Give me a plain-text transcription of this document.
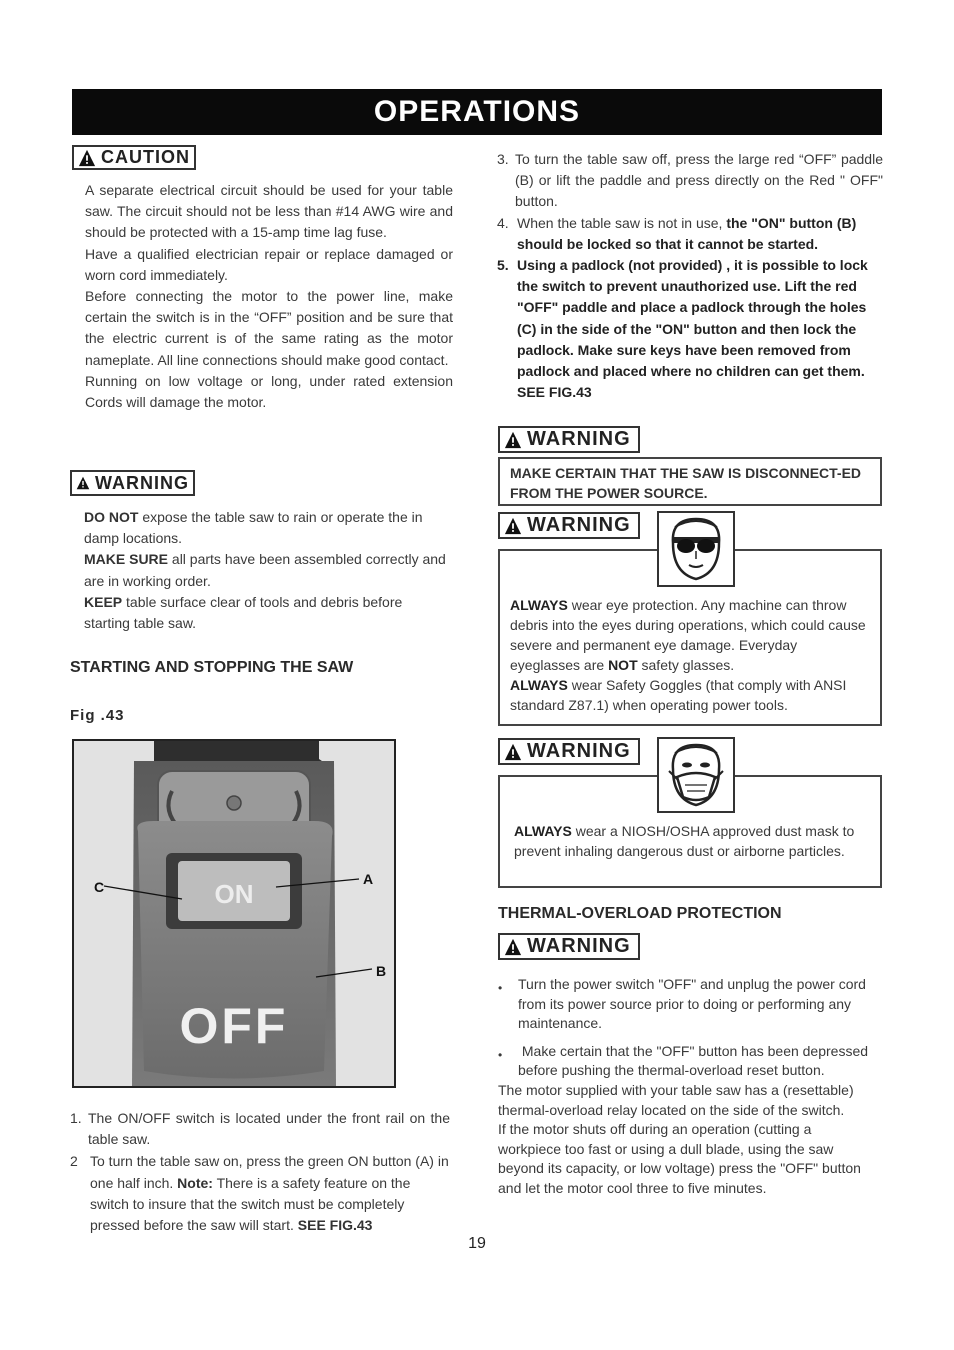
OPERATIONS
CAUTION

A separate electrical circuit should be used for your table saw. The circuit should not be less than #14 AWG wire and should be protected with a 15-amp time lag fuse.

Have a qualified electrician repair or replace damaged or worn cord immediately.

Before connecting the motor to the power line, make certain the switch is in the “OFF” position and be sure that the electric current is of the same rating as the motor nameplate. All line connections should make good contact.

Running on low voltage or long, under rated extension Cords will damage the motor.

WARNING

DO NOT expose the table saw to rain or operate the in damp locations.

MAKE SURE all parts have been assembled correctly and are in working order.

KEEP table surface clear of tools and debris before starting table saw.

STARTING AND STOPPING THE SAW
Fig .43
ON
OFF
C	A
B
1. The ON/OFF switch is located under the front rail on the table saw.
2 To turn the table saw on, press the green ON button (A) in one half inch. Note: There is a safety feature on the switch to insure that the switch must be completely pressed before the saw will start. SEE FIG.43
3. To turn the table saw off, press the large red “OFF” paddle (B) or lift the paddle and press directly on the Red " OFF" button.
4. When the table saw is not in use, the "ON" button (B) should be locked so that it cannot be started.
5. Using a padlock (not provided) , it is possible to lock the switch to prevent unauthorized use. Lift the red "OFF" paddle and place a padlock through the holes (C) in the side of the "ON" button and then lock the padlock. Make sure keys have been removed from padlock and placed where no children can get them.
SEE FIG.43
WARNING
MAKE CERTAIN THAT THE SAW IS DISCONNECT-ED FROM THE POWER SOURCE.
WARNING
ALWAYS wear eye protection. Any machine can throw debris into the eyes during operations, which could cause severe and permanent eye damage. Everyday eyeglasses are NOT safety glasses.
ALWAYS wear Safety Goggles (that comply with ANSI standard Z87.1) when operating power tools.
WARNING
ALWAYS wear a NIOSH/OSHA approved dust mask to prevent inhaling dangerous dust or airborne particles.
THERMAL-OVERLOAD PROTECTION
WARNING
•	Turn the power switch "OFF" and unplug the power cord from its power source prior to doing or performing any maintenance.
•	Make certain that the "OFF" button has been depressed before pushing the thermal-overload reset button.
The motor supplied with your table saw has a (resettable) thermal-overload relay located on the side of the switch.
If the motor shuts off during an operation (cutting a workpiece too fast or using a dull blade, using the saw beyond its capacity, or low voltage) press the "OFF" button and let the motor cool three to five minutes.
19
